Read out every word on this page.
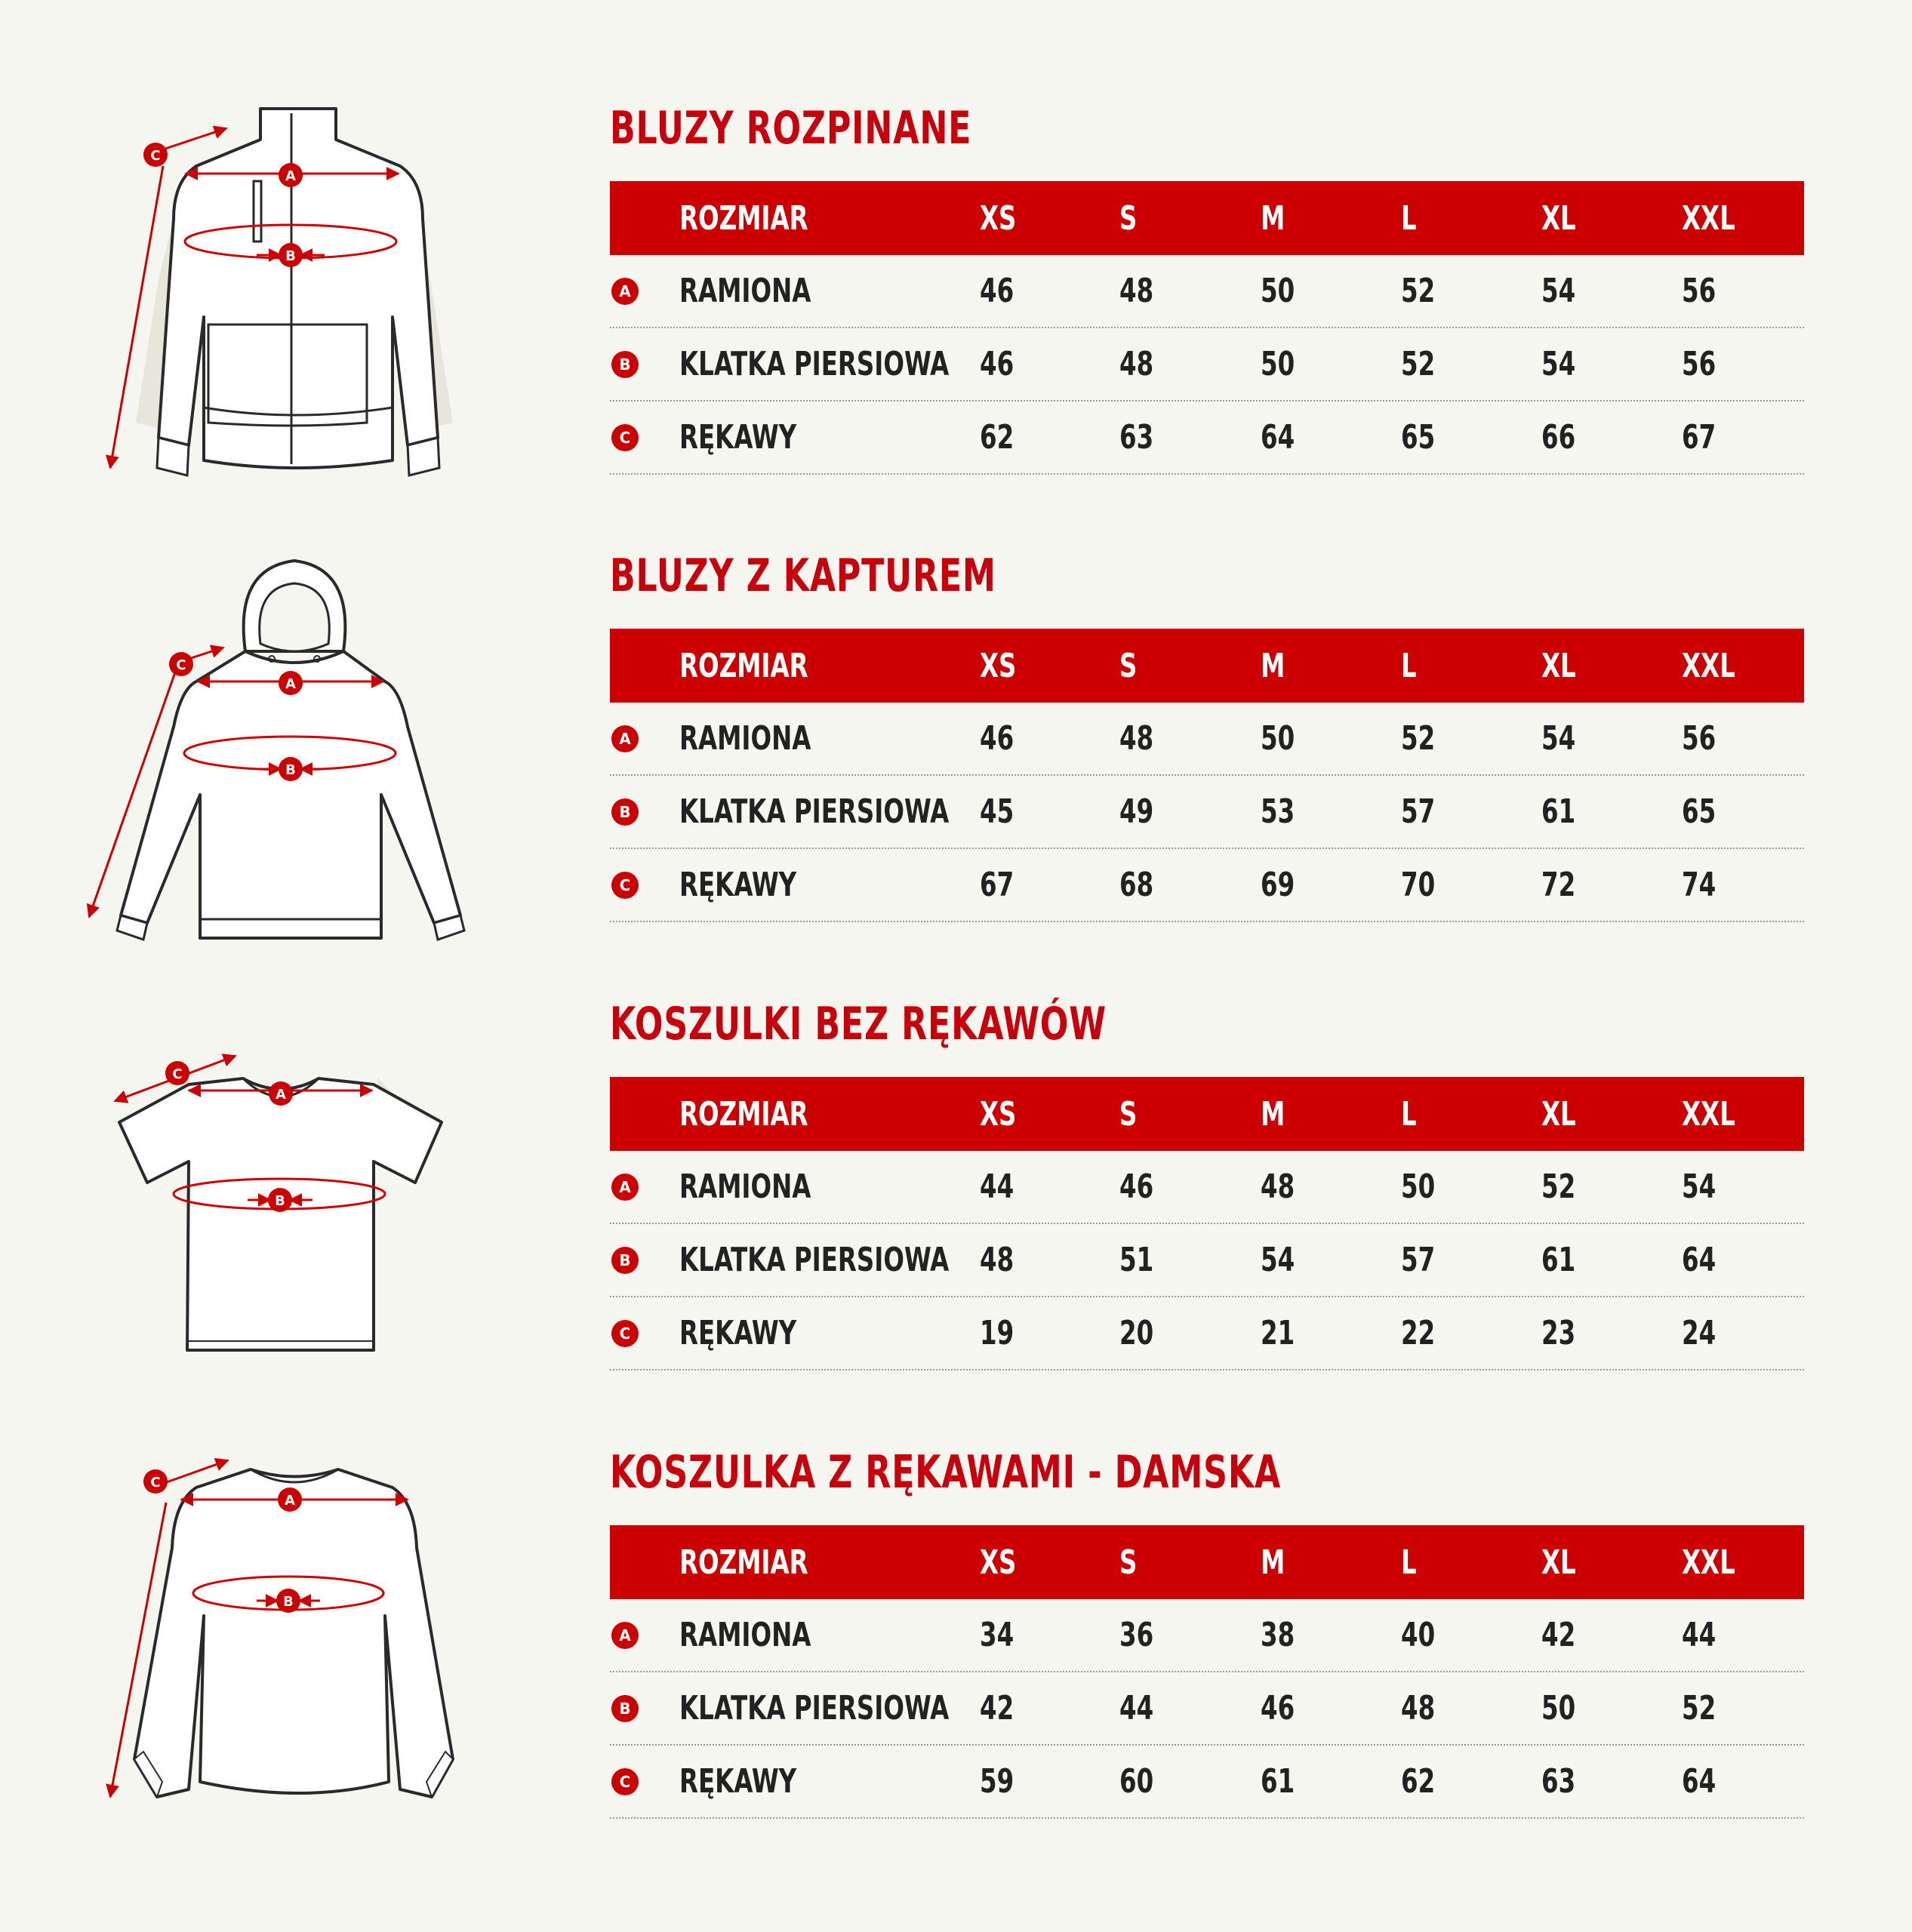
A
B
C
BLUZY ROZPINANE
ROZMIAR	XS	S	M	L	XL	XXL
A RAMIONA	46	48	50	52	54	56
B KLATKA PIERSIOWA 46	48	50	52	54	56
C RĘKAWY	62	63	64	65	66	67
A
B
C
BLUZY Z KAPTUREM
ROZMIAR	XS	S	M	L	XL	XXL
A RAMIONA	46	48	50	52	54	56
B KLATKA PIERSIOWA 45	49	53	57	61	65
C RĘKAWY	67	68	69	70	72	74
A
B
C
KOSZULKI BEZ RĘKAWÓW
ROZMIAR	XS	S	M	L	XL	XXL
A RAMIONA	44	46	48	50	52	54
B KLATKA PIERSIOWA 48	51	54	57	61	64
C RĘKAWY	19	20	21	22	23	24
A
B
C	KOSZULKA Z RĘKAWAMI - DAMSKA
ROZMIAR	XS	S	M	L	XL	XXL
A RAMIONA	34	36	38	40	42	44
B KLATKA PIERSIOWA 42	44	46	48	50	52
C RĘKAWY	59	60	61	62	63	64
